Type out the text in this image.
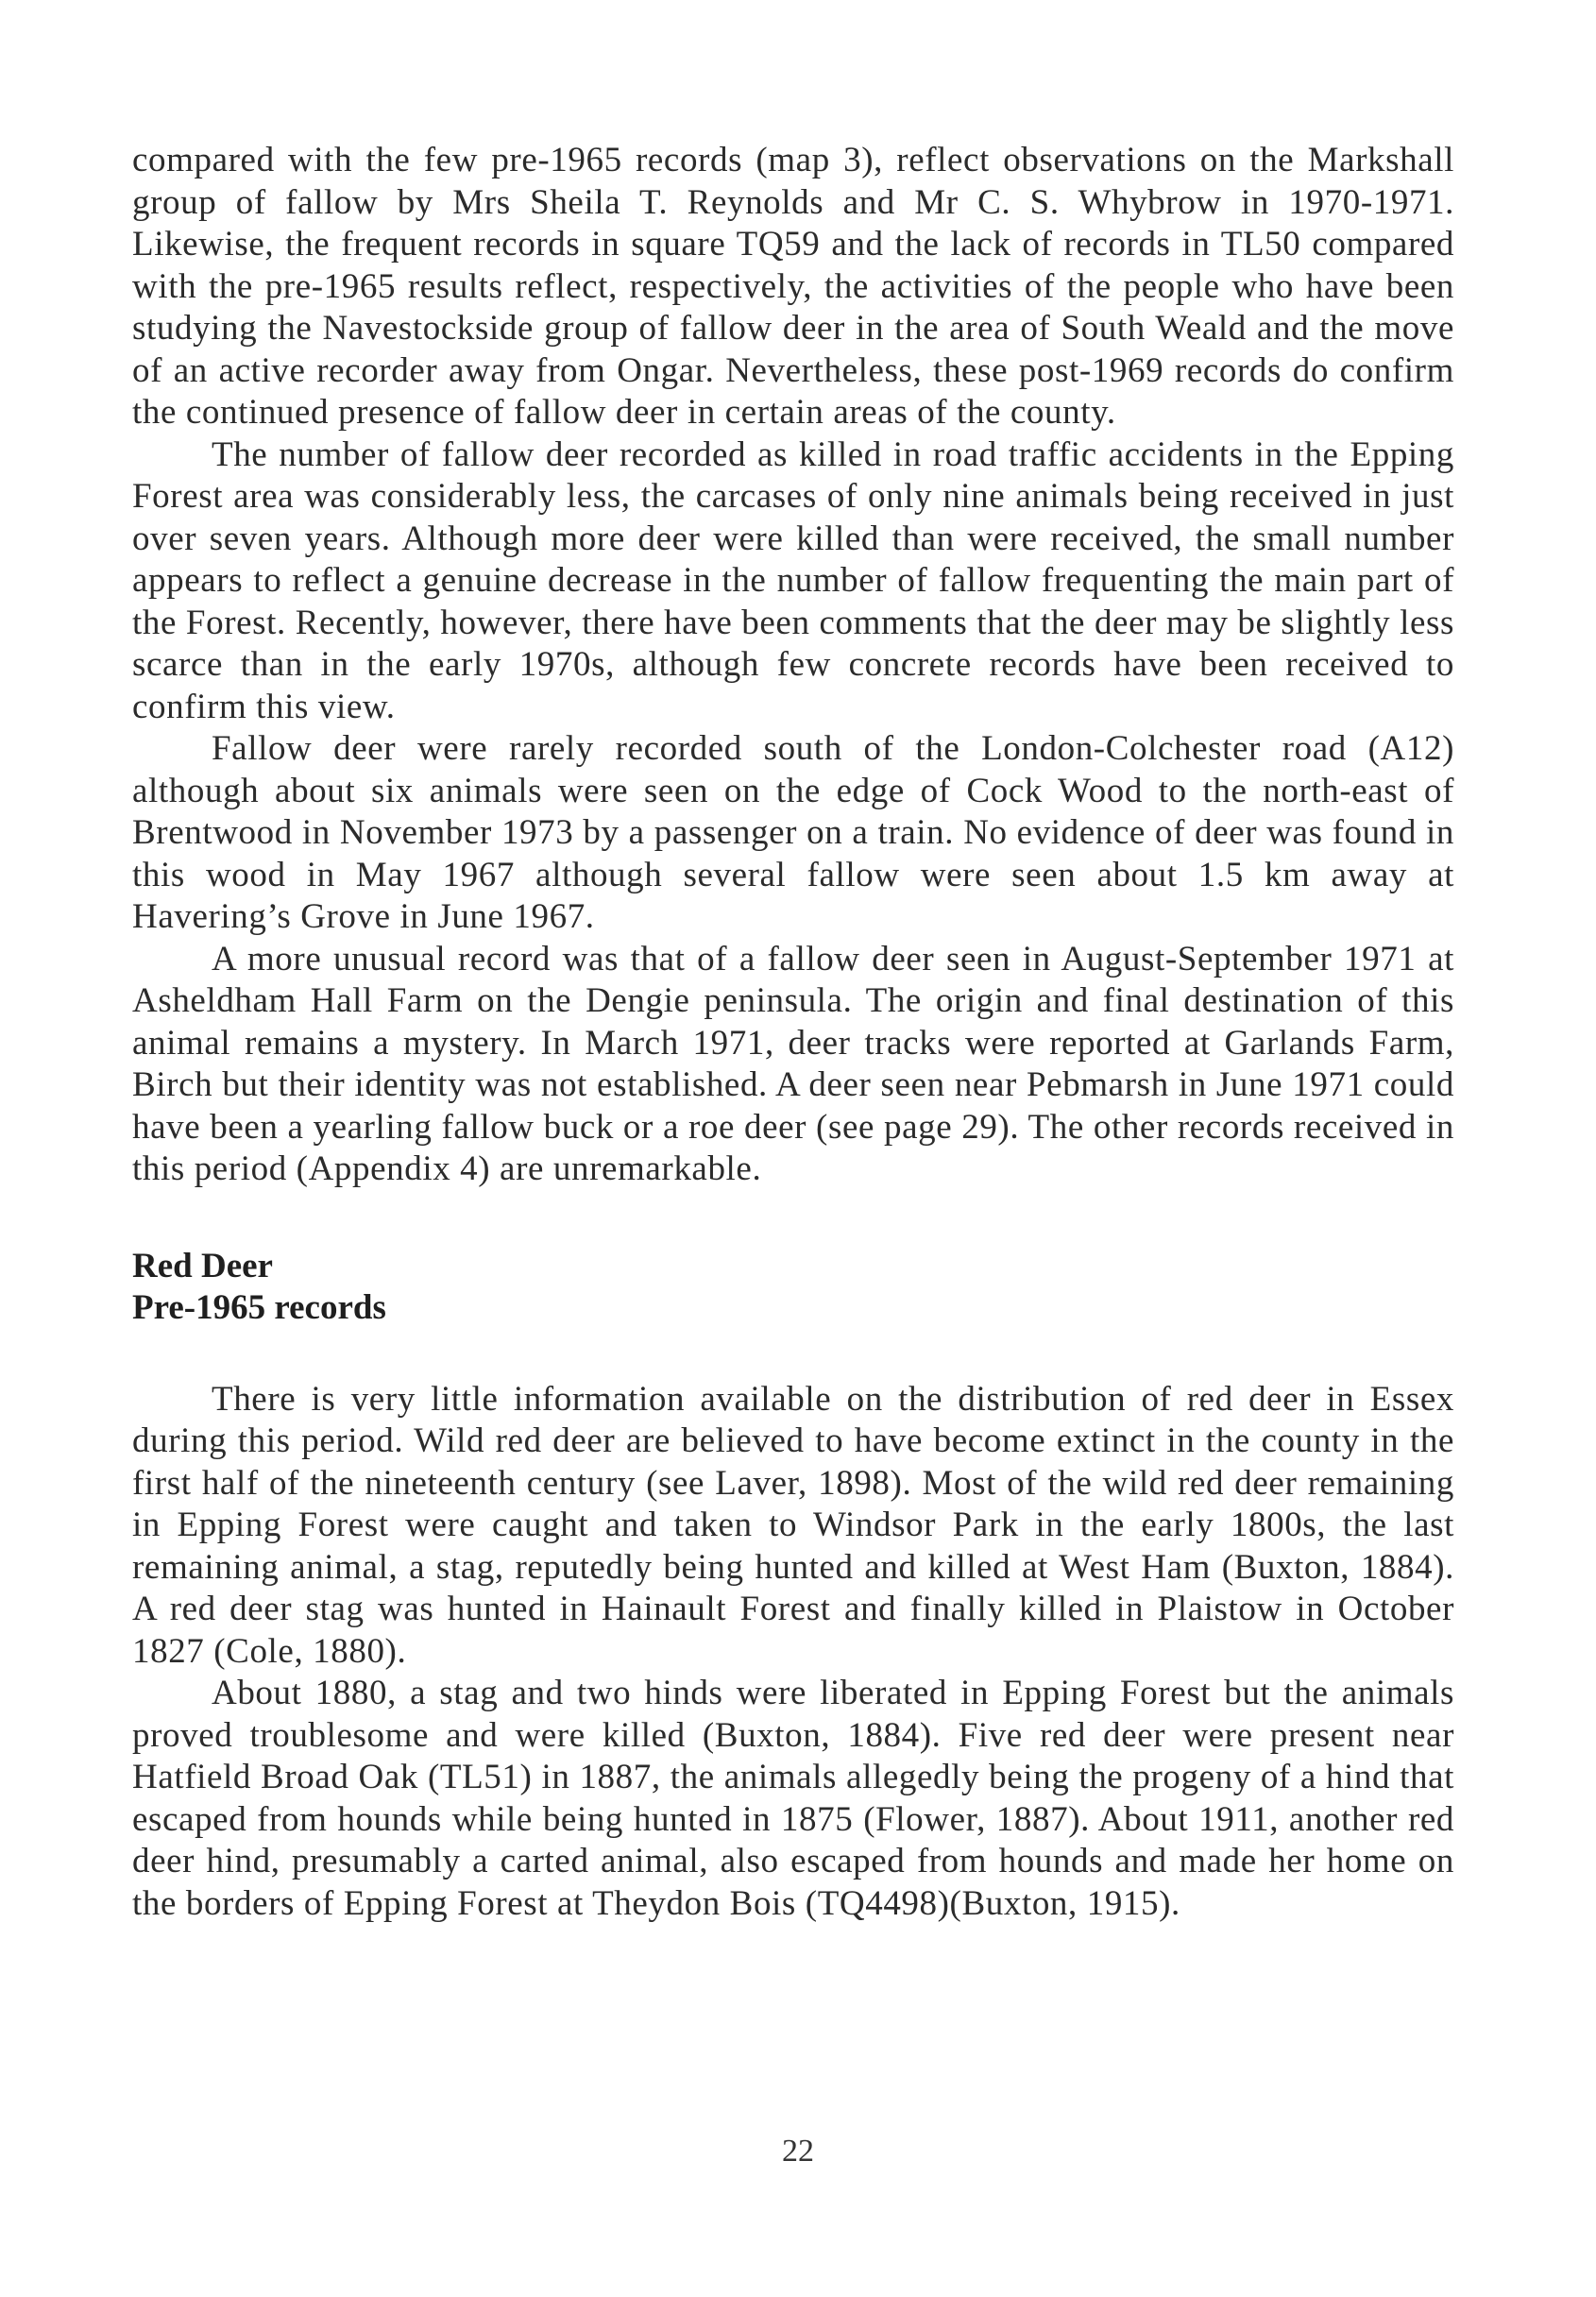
compared with the few pre-1965 records (map 3), reflect observations on the Markshall group of fallow by Mrs Sheila T. Reynolds and Mr C. S. Whybrow in 1970-1971. Likewise, the frequent records in square TQ59 and the lack of records in TL50 compared with the pre-1965 results reflect, respectively, the activities of the people who have been studying the Navestockside group of fallow deer in the area of South Weald and the move of an active recorder away from Ongar. Nevertheless, these post-1969 records do confirm the continued presence of fallow deer in certain areas of the county.

The number of fallow deer recorded as killed in road traffic accidents in the Epping Forest area was considerably less, the carcases of only nine animals being received in just over seven years. Although more deer were killed than were received, the small number appears to reflect a genuine decrease in the number of fallow frequenting the main part of the Forest. Recently, however, there have been comments that the deer may be slightly less scarce than in the early 1970s, although few concrete records have been received to confirm this view.

Fallow deer were rarely recorded south of the London-Colchester road (A12) although about six animals were seen on the edge of Cock Wood to the north-east of Brentwood in November 1973 by a passenger on a train. No evidence of deer was found in this wood in May 1967 although several fallow were seen about 1.5 km away at Havering’s Grove in June 1967.

A more unusual record was that of a fallow deer seen in August-September 1971 at Asheldham Hall Farm on the Dengie peninsula. The origin and final destination of this animal remains a mystery. In March 1971, deer tracks were reported at Garlands Farm, Birch but their identity was not established. A deer seen near Pebmarsh in June 1971 could have been a yearling fallow buck or a roe deer (see page 29). The other records received in this period (Appendix 4) are unremarkable.

Red Deer

Pre-1965 records

There is very little information available on the distribution of red deer in Essex during this period. Wild red deer are believed to have become extinct in the county in the first half of the nineteenth century (see Laver, 1898). Most of the wild red deer remaining in Epping Forest were caught and taken to Windsor Park in the early 1800s, the last remaining animal, a stag, reputedly being hunted and killed at West Ham (Buxton, 1884). A red deer stag was hunted in Hainault Forest and finally killed in Plaistow in October 1827 (Cole, 1880).

About 1880, a stag and two hinds were liberated in Epping Forest but the animals proved troublesome and were killed (Buxton, 1884). Five red deer were present near Hatfield Broad Oak (TL51) in 1887, the animals allegedly being the progeny of a hind that escaped from hounds while being hunted in 1875 (Flower, 1887). About 1911, another red deer hind, presumably a carted animal, also escaped from hounds and made her home on the borders of Epping Forest at Theydon Bois (TQ4498)(Buxton, 1915).

22
